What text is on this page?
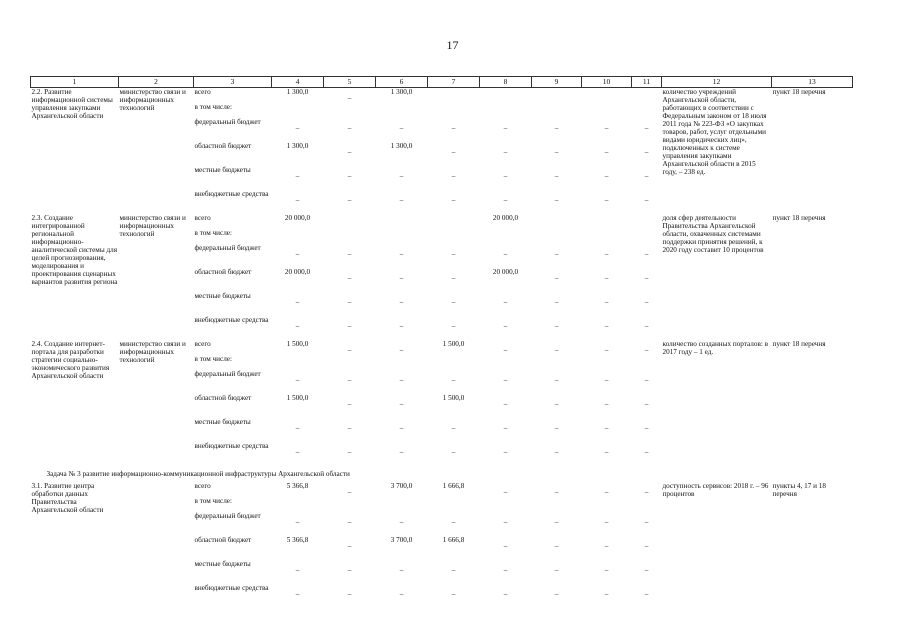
17
1	2	3	4	5	6	7	8	9	10	11	12	13
2.2. Развитие информационной системы управления закупками Архангельской области	министерство связи и информационных технологий	всего	1 300,0	–	1 300,0						количество учреждений Архангельской области, работающих в соответствии с Федеральным законом от 18 июля 2011 года № 223-ФЗ «О закупках товаров, работ, услуг отдельными видами юридических лиц», подключенных к системе управления закупками Архангельской области в 2015 году, – 238 ед.	пункт 18 перечня
		в том числе:										
		федеральный бюджет	–	–	–	–	–	–	–	–		
		областной бюджет	1 300,0	–	1 300,0	–	–	–	–	–		
		местные бюджеты	–	–	–	–	–	–	–	–		
		внебюджетные средства	–	–	–	–	–	–	–	–		
2.3. Создание интегрированной региональной информационно-аналитической системы для целей прогнозирования, моделирования и проектирования сценарных вариантов развития региона	министерство связи и информационных технологий	всего	20 000,0				20 000,0				доля сфер деятельности Правительства Архангельской области, охваченных системами поддержки принятия решений, к 2020 году составит 10 процентов	пункт 18 перечня
		в том числе:										
		федеральный бюджет	–	–	–	–	–	–	–	–		
		областной бюджет	20 000,0	–	–	–	20 000,0	–	–	–		
		местные бюджеты	–	–	–	–	–	–	–	–		
		внебюджетные средства	–	–	–	–	–	–	–	–		
2.4. Создание интернет-портала для разработки стратегии социально-экономического развития Архангельской области	министерство связи и информационных технологий	всего	1 500,0	–	–	1 500,0	–	–	–	–	количество созданных порталов: в 2017 году – 1 ед.	пункт 18 перечня
		в том числе:										
		федеральный бюджет	–	–	–	–	–	–	–	–		
		областной бюджет	1 500,0	–	–	1 500,0	–	–	–	–		
		местные бюджеты	–	–	–	–	–	–	–	–		
		внебюджетные средства	–	–	–	–	–	–	–	–		
Задача № 3 развитие информационно-коммуникационной инфраструктуры Архангельской области												
3.1. Развитие центра обработки данных Правительства Архангельской области		всего	5 366,8	–	3 700,0	1 666,8	–	–	–	–	доступность сервисов: 2018 г. – 96 процентов	пункты 4, 17 и 18 перечня
		в том числе:										
		федеральный бюджет	–	–	–	–	–	–	–	–		
		областной бюджет	5 366,8	–	3 700,0	1 666,8	–	–	–	–		
		местные бюджеты	–	–	–	–	–	–	–	–		
		внебюджетные средства	–	–	–	–	–	–	–	–		
